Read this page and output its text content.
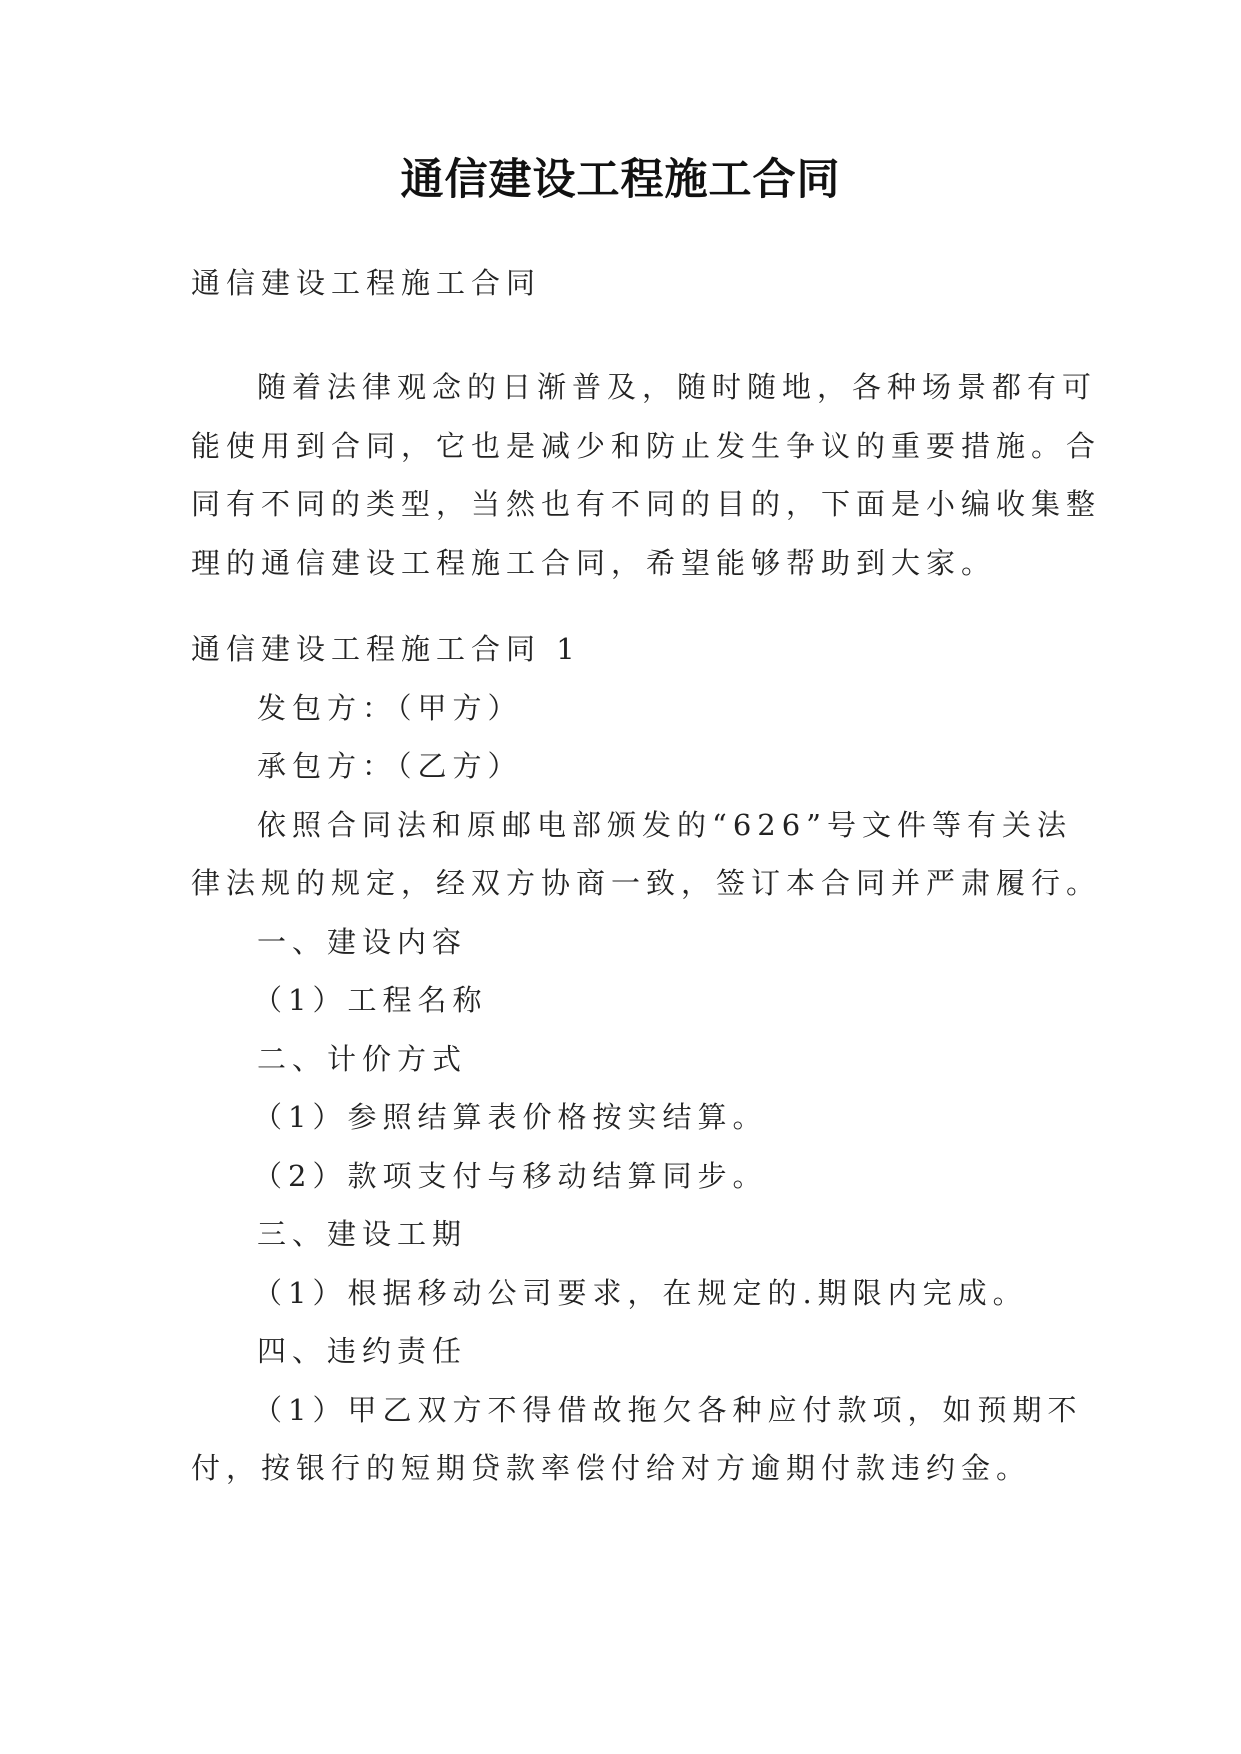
通信建设工程施工合同
通信建设工程施工合同
随着法律观念的日渐普及，随时随地，各种场景都有可
能使用到合同，它也是减少和防止发生争议的重要措施。合
同有不同的类型，当然也有不同的目的，下面是小编收集整
理的通信建设工程施工合同，希望能够帮助到大家。
通信建设工程施工合同 1
发包方：（甲方）
承包方：（乙方）
依照合同法和原邮电部颁发的“626”号文件等有关法
律法规的规定，经双方协商一致，签订本合同并严肃履行。
一、建设内容
（1）工程名称
二、计价方式
（1）参照结算表价格按实结算。
（2）款项支付与移动结算同步。
三、建设工期
（1）根据移动公司要求，在规定的.期限内完成。
四、违约责任
（1）甲乙双方不得借故拖欠各种应付款项，如预期不
付，按银行的短期贷款率偿付给对方逾期付款违约金。
